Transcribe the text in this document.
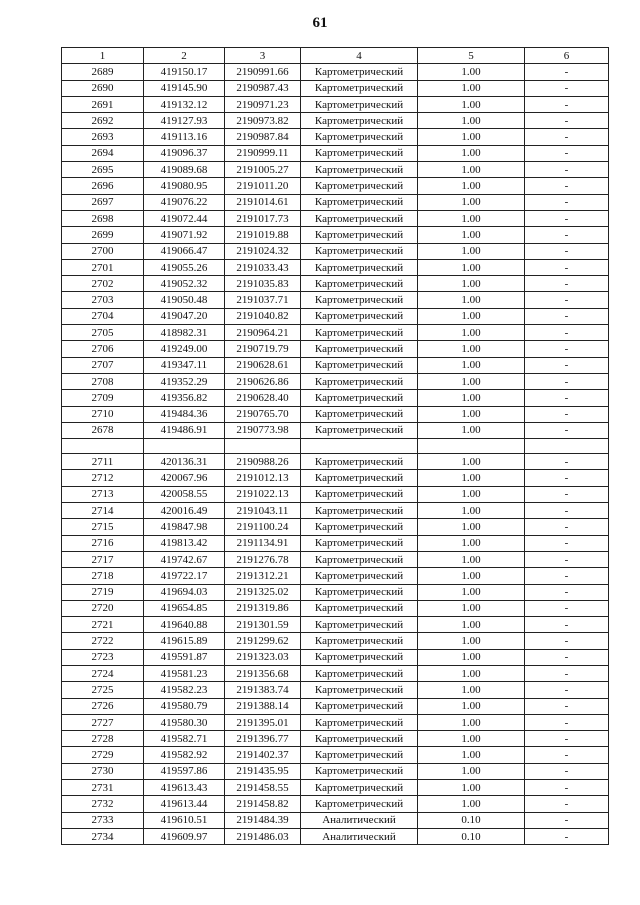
61
1	2	3	4	5	6
2689	419150.17	2190991.66	Картометрический	1.00	-
2690	419145.90	2190987.43	Картометрический	1.00	-
2691	419132.12	2190971.23	Картометрический	1.00	-
2692	419127.93	2190973.82	Картометрический	1.00	-
2693	419113.16	2190987.84	Картометрический	1.00	-
2694	419096.37	2190999.11	Картометрический	1.00	-
2695	419089.68	2191005.27	Картометрический	1.00	-
2696	419080.95	2191011.20	Картометрический	1.00	-
2697	419076.22	2191014.61	Картометрический	1.00	-
2698	419072.44	2191017.73	Картометрический	1.00	-
2699	419071.92	2191019.88	Картометрический	1.00	-
2700	419066.47	2191024.32	Картометрический	1.00	-
2701	419055.26	2191033.43	Картометрический	1.00	-
2702	419052.32	2191035.83	Картометрический	1.00	-
2703	419050.48	2191037.71	Картометрический	1.00	-
2704	419047.20	2191040.82	Картометрический	1.00	-
2705	418982.31	2190964.21	Картометрический	1.00	-
2706	419249.00	2190719.79	Картометрический	1.00	-
2707	419347.11	2190628.61	Картометрический	1.00	-
2708	419352.29	2190626.86	Картометрический	1.00	-
2709	419356.82	2190628.40	Картометрический	1.00	-
2710	419484.36	2190765.70	Картометрический	1.00	-
2678	419486.91	2190773.98	Картометрический	1.00	-

2711	420136.31	2190988.26	Картометрический	1.00	-
2712	420067.96	2191012.13	Картометрический	1.00	-
2713	420058.55	2191022.13	Картометрический	1.00	-
2714	420016.49	2191043.11	Картометрический	1.00	-
2715	419847.98	2191100.24	Картометрический	1.00	-
2716	419813.42	2191134.91	Картометрический	1.00	-
2717	419742.67	2191276.78	Картометрический	1.00	-
2718	419722.17	2191312.21	Картометрический	1.00	-
2719	419694.03	2191325.02	Картометрический	1.00	-
2720	419654.85	2191319.86	Картометрический	1.00	-
2721	419640.88	2191301.59	Картометрический	1.00	-
2722	419615.89	2191299.62	Картометрический	1.00	-
2723	419591.87	2191323.03	Картометрический	1.00	-
2724	419581.23	2191356.68	Картометрический	1.00	-
2725	419582.23	2191383.74	Картометрический	1.00	-
2726	419580.79	2191388.14	Картометрический	1.00	-
2727	419580.30	2191395.01	Картометрический	1.00	-
2728	419582.71	2191396.77	Картометрический	1.00	-
2729	419582.92	2191402.37	Картометрический	1.00	-
2730	419597.86	2191435.95	Картометрический	1.00	-
2731	419613.43	2191458.55	Картометрический	1.00	-
2732	419613.44	2191458.82	Картометрический	1.00	-
2733	419610.51	2191484.39	Аналитический	0.10	-
2734	419609.97	2191486.03	Аналитический	0.10	-
